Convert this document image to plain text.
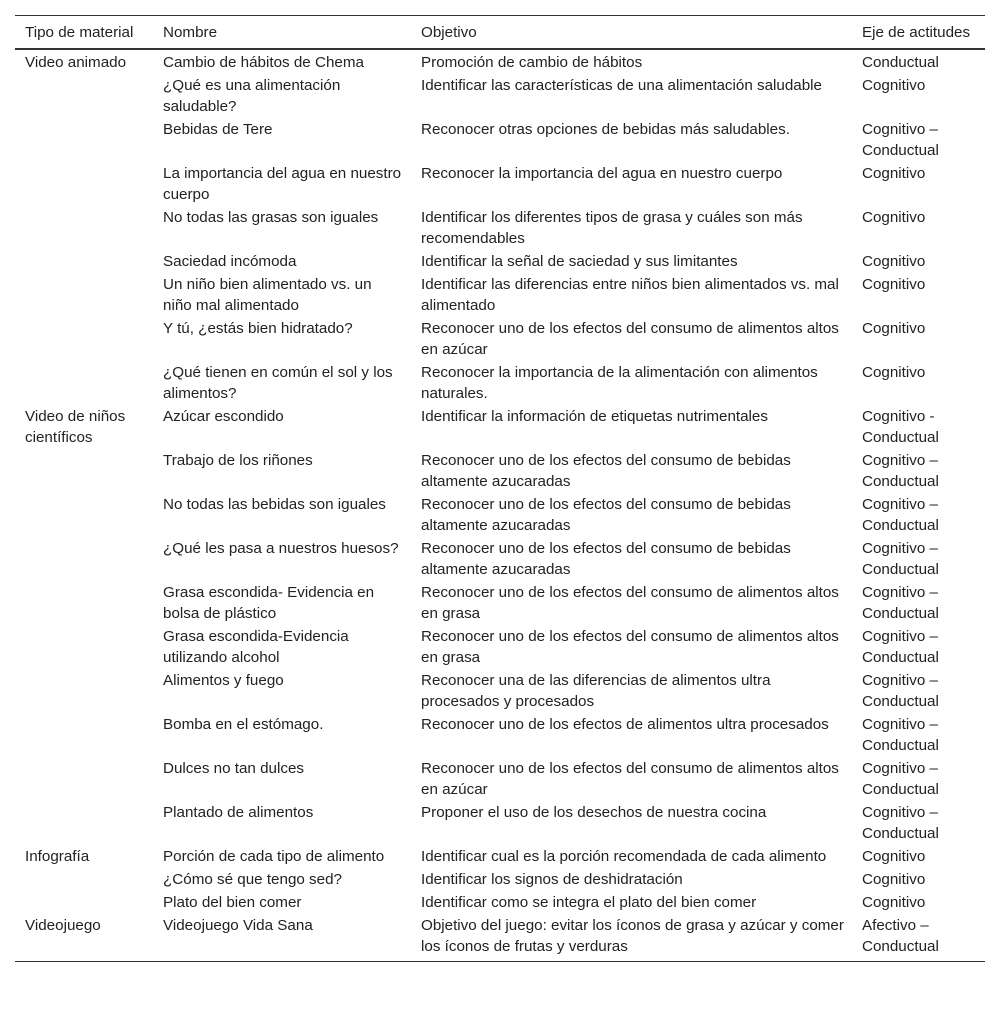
Tipo de material	Nombre	Objetivo	Eje de actitudes
Video animado	Cambio de hábitos de Chema	Promoción de cambio de hábitos	Conductual
	¿Qué es una alimentación saludable?	Identificar las características de una alimentación saludable	Cognitivo
	Bebidas de Tere	Reconocer otras opciones de bebidas más saludables.	Cognitivo – Conductual
	La importancia del agua en nuestro cuerpo	Reconocer la importancia del agua en nuestro cuerpo	Cognitivo
	No todas las grasas son iguales	Identificar los diferentes tipos de grasa y cuáles son más recomendables	Cognitivo
	Saciedad incómoda	Identificar la señal de saciedad y sus limitantes	Cognitivo
	Un niño bien alimentado vs. un niño mal alimentado	Identificar las diferencias entre niños bien alimentados vs. mal alimentado	Cognitivo
	Y tú, ¿estás bien hidratado?	Reconocer uno de los efectos del consumo de alimentos altos en azúcar	Cognitivo
	¿Qué tienen en común el sol y los alimentos?	Reconocer la importancia de la alimentación con alimentos naturales.	Cognitivo
Video de niños científicos	Azúcar escondido	Identificar la información de etiquetas nutrimentales	Cognitivo - Conductual
	Trabajo de los riñones	Reconocer uno de los efectos del consumo de bebidas altamente azucaradas	Cognitivo – Conductual
	No todas las bebidas son iguales	Reconocer uno de los efectos del consumo de bebidas altamente azucaradas	Cognitivo – Conductual
	¿Qué les pasa a nuestros huesos?	Reconocer uno de los efectos del consumo de bebidas altamente azucaradas	Cognitivo – Conductual
	Grasa escondida- Evidencia en bolsa de plástico	Reconocer uno de los efectos del consumo de alimentos altos en grasa	Cognitivo – Conductual
	Grasa escondida-Evidencia utilizando alcohol	Reconocer uno de los efectos del consumo de alimentos altos en grasa	Cognitivo – Conductual
	Alimentos y fuego	Reconocer una de las diferencias de alimentos ultra procesados y procesados	Cognitivo – Conductual
	Bomba en el estómago.	Reconocer uno de los efectos de alimentos ultra procesados	Cognitivo – Conductual
	Dulces no tan dulces	Reconocer uno de los efectos del consumo de alimentos altos en azúcar	Cognitivo – Conductual
	Plantado de alimentos	Proponer el uso de los desechos de nuestra cocina	Cognitivo – Conductual
Infografía	Porción de cada tipo de alimento	Identificar cual es la porción recomendada de cada alimento	Cognitivo
	¿Cómo sé que tengo sed?	Identificar los signos de deshidratación	Cognitivo
	Plato del bien comer	Identificar como se integra el plato del bien comer	Cognitivo
Videojuego	Videojuego Vida Sana	Objetivo del juego: evitar los íconos de grasa y azúcar y comer los íconos de frutas y verduras	Afectivo – Conductual
